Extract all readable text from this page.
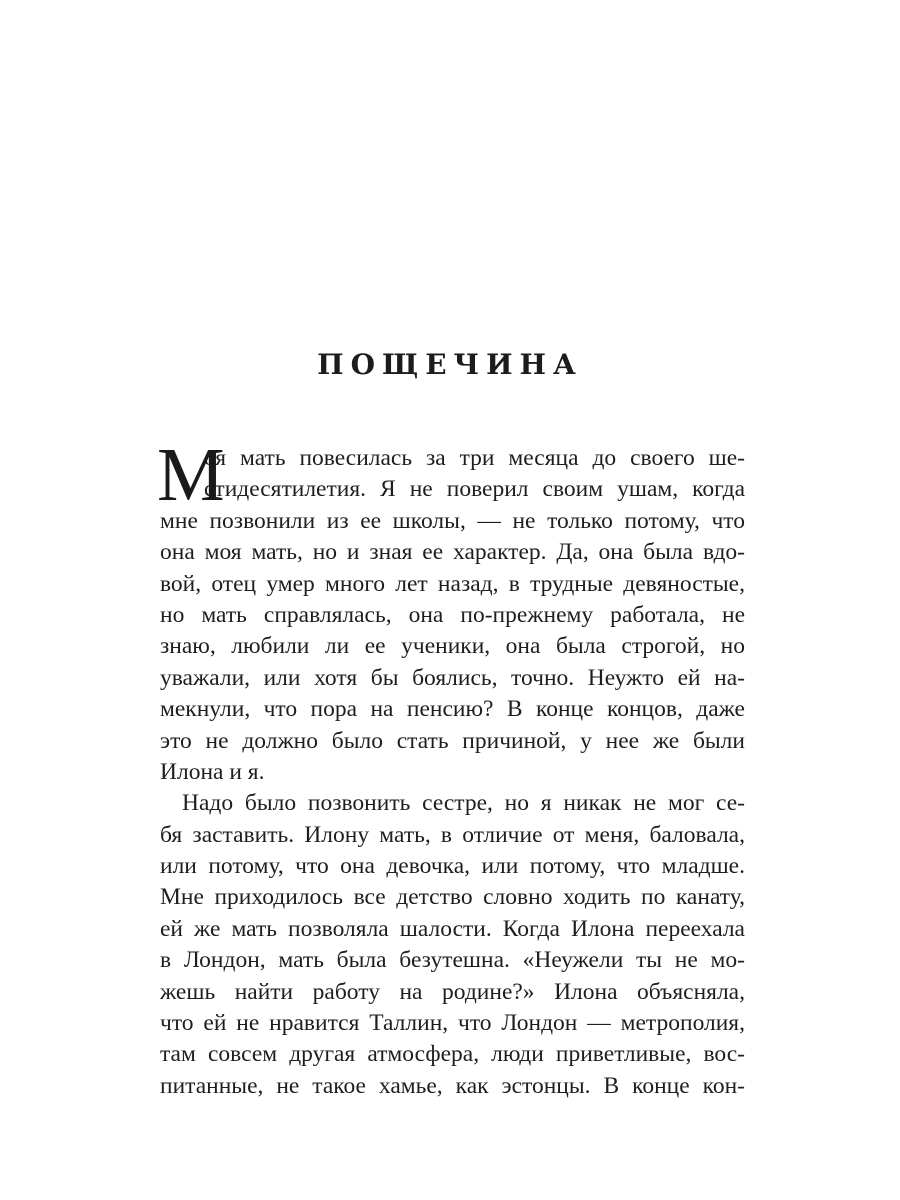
ПОЩЕЧИНА
М
оя мать повесилась за три месяца до своего ше-
стидесятилетия. Я не поверил своим ушам, когда
мне позвонили из ее школы, — не только потому, что
она моя мать, но и зная ее характер. Да, она была вдо-
вой, отец умер много лет назад, в трудные девяностые,
но мать справлялась, она по-прежнему работала, не
знаю, любили ли ее ученики, она была строгой, но
уважали, или хотя бы боялись, точно. Неужто ей на-
мекнули, что пора на пенсию? В конце концов, даже
это не должно было стать причиной, у нее же были
Илона и я.
Надо было позвонить сестре, но я никак не мог се-
бя заставить. Илону мать, в отличие от меня, баловала,
или потому, что она девочка, или потому, что младше.
Мне приходилось все детство словно ходить по канату,
ей же мать позволяла шалости. Когда Илона переехала
в Лондон, мать была безутешна. «Неужели ты не мо-
жешь найти работу на родине?» Илона объясняла,
что ей не нравится Таллин, что Лондон — метрополия,
там совсем другая атмосфера, люди приветливые, вос-
питанные, не такое хамье, как эстонцы. В конце кон-
